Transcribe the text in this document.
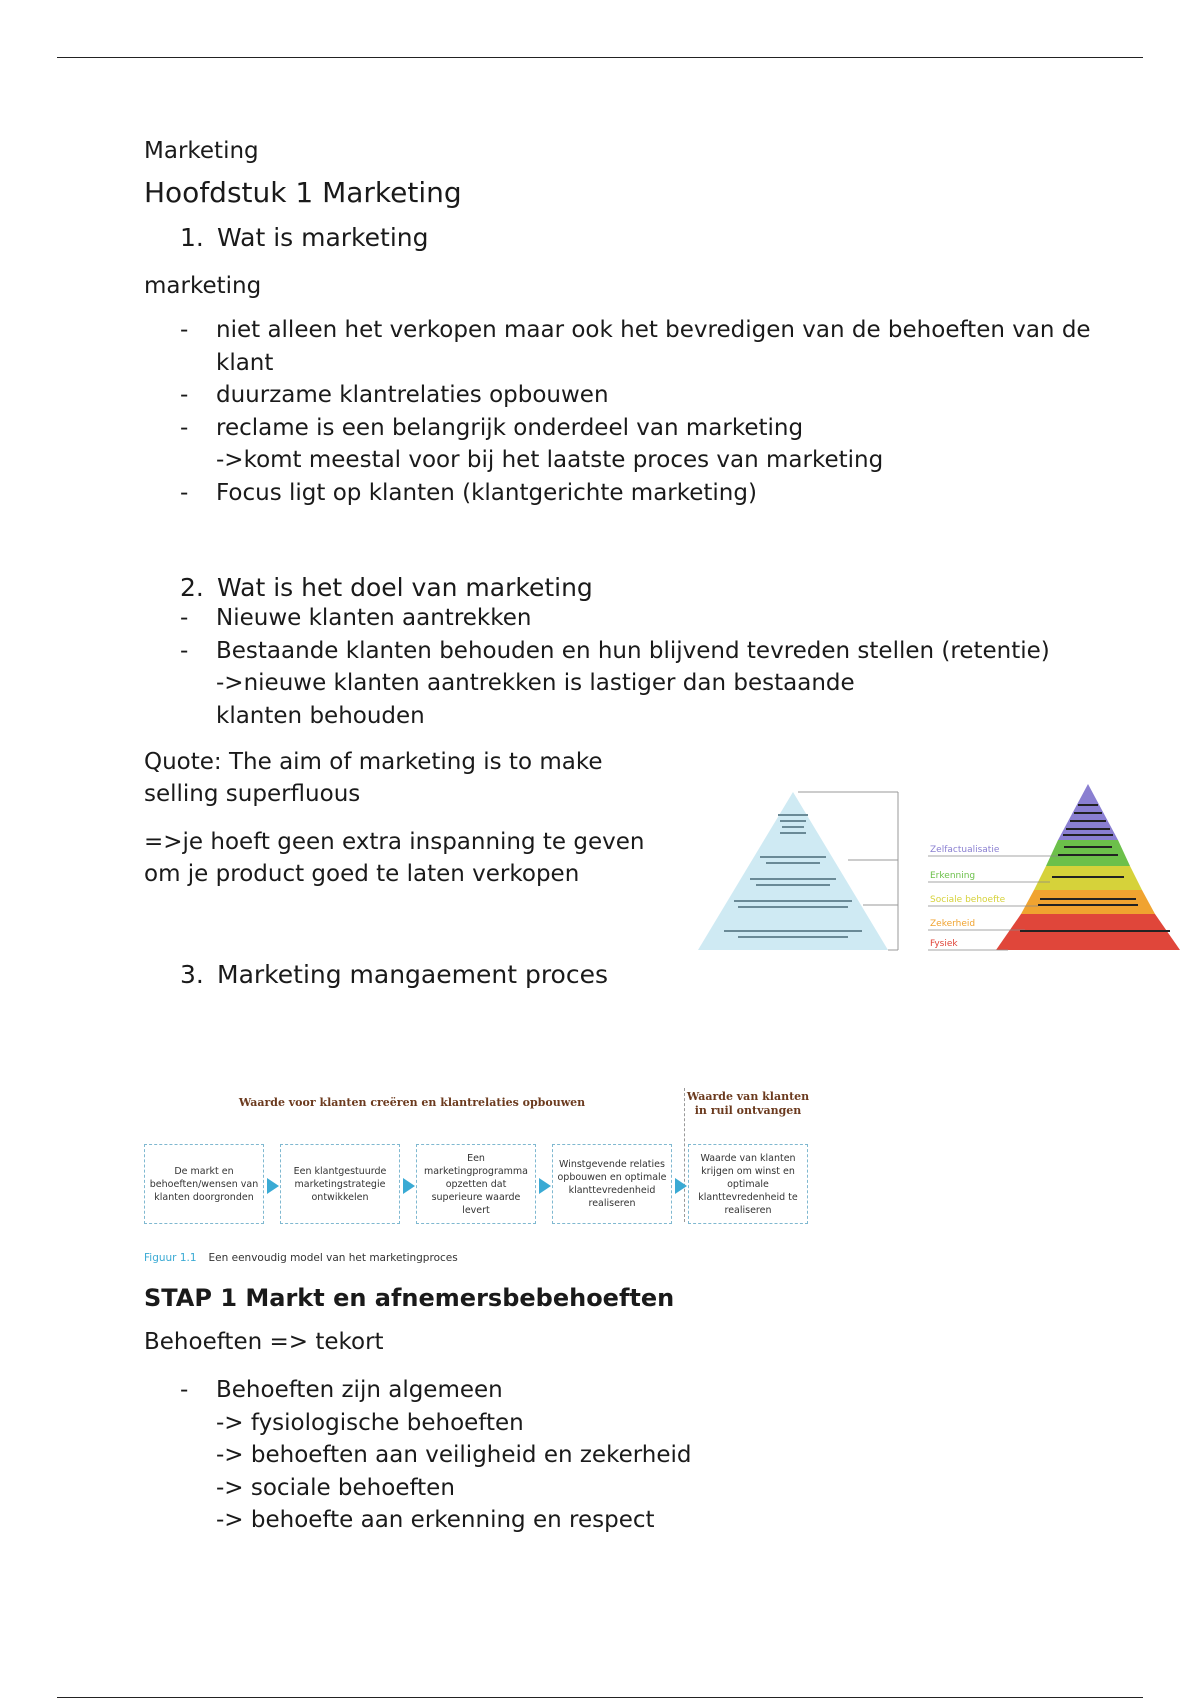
Marketing
Hoofdstuk 1 Marketing
1. Wat is marketing
marketing
-	niet alleen het verkopen maar ook het bevredigen van de behoeften van de klant
-	duurzame klantrelaties opbouwen
-	reclame is een belangrijk onderdeel van marketing
->komt meestal voor bij het laatste proces van marketing
-	Focus ligt op klanten (klantgerichte marketing)
2. Wat is het doel van marketing
-	Nieuwe klanten aantrekken
-	Bestaande klanten behouden en hun blijvend tevreden stellen (retentie)
->nieuwe klanten aantrekken is lastiger dan bestaande klanten behouden
Quote: The aim of marketing is to make selling superfluous
=>je hoeft geen extra inspanning te geven om je product goed te laten verkopen
3. Marketing mangaement proces
Zelfactualisatie
Erkenning
Sociale behoefte
Zekerheid
Fysiek
Waarde voor klanten creëren en klantrelaties opbouwen	Waarde van klanten in ruil ontvangen
De markt en behoeften/wensen van klanten doorgronden
Een klantgestuurde marketingstrategie ontwikkelen
Een marketingprogramma opzetten dat superieure waarde levert
Winstgevende relaties opbouwen en optimale klanttevredenheid realiseren
Waarde van klanten krijgen om winst en optimale klanttevredenheid te realiseren
Figuur 1.1 Een eenvoudig model van het marketingproces
STAP 1 Markt en afnemersbebehoeften
Behoeften => tekort
-	Behoeften zijn algemeen
-> fysiologische behoeften
-> behoeften aan veiligheid en zekerheid
-> sociale behoeften
-> behoefte aan erkenning en respect
